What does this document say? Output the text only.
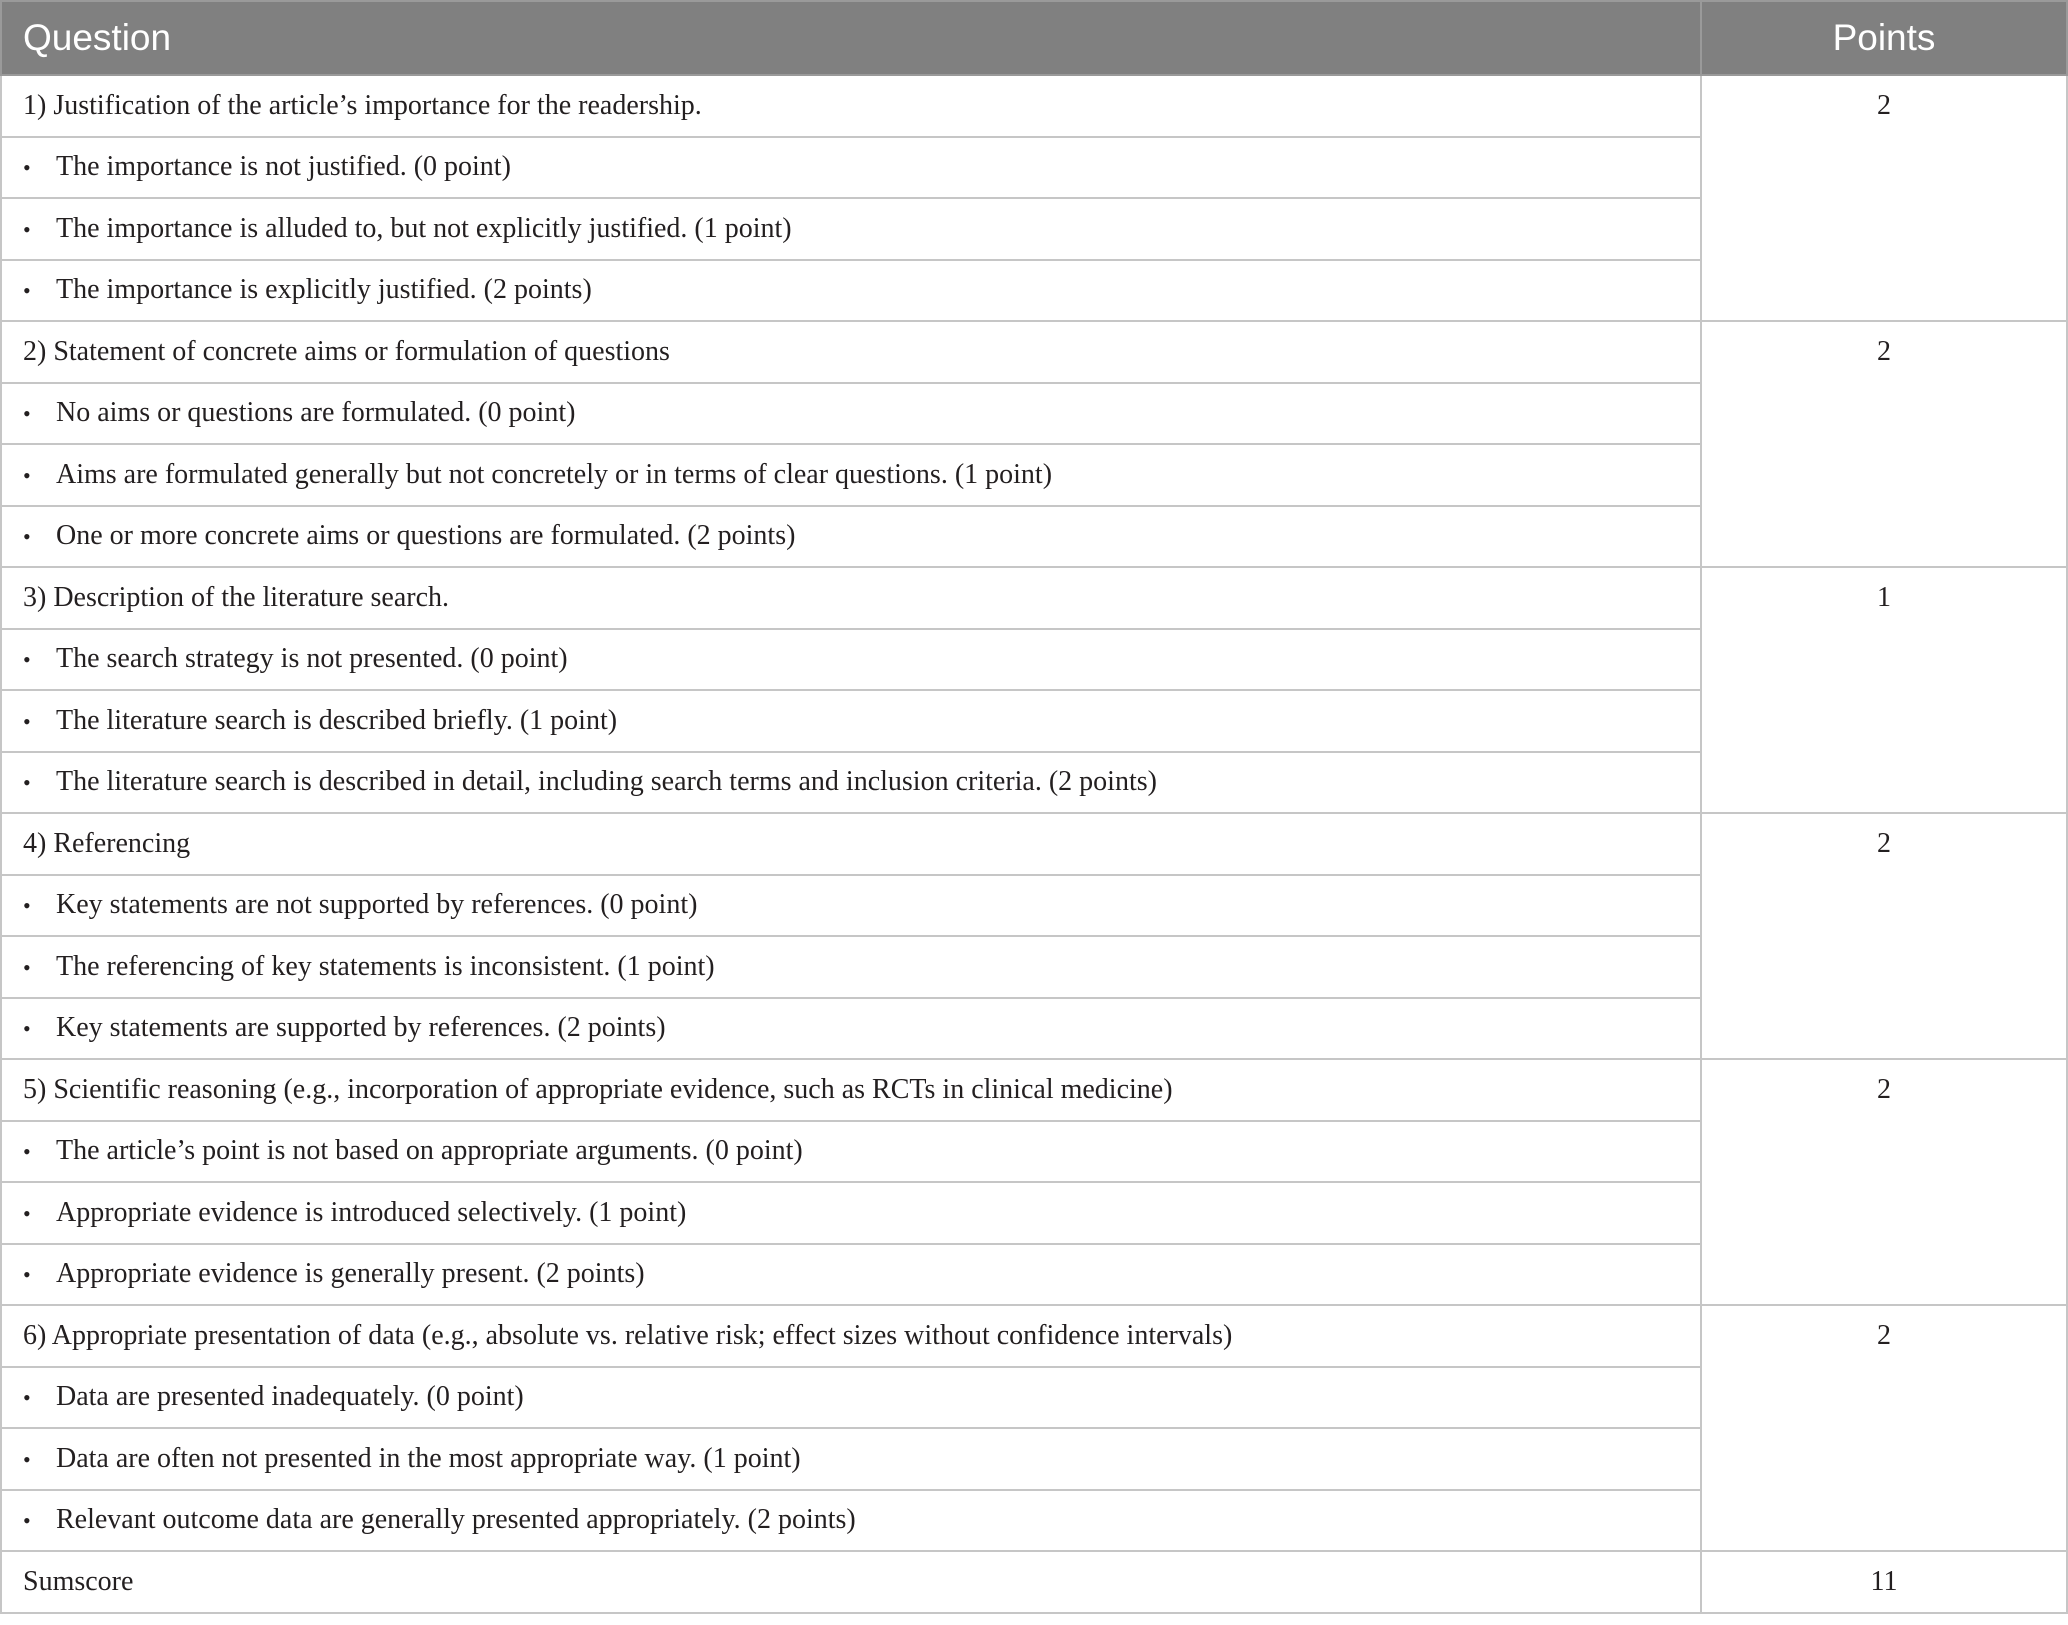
Question	Points
1) Justification of the article’s importance for the readership.	2
• The importance is not justified. (0 point)	
• The importance is alluded to, but not explicitly justified. (1 point)	
• The importance is explicitly justified. (2 points)	
2) Statement of concrete aims or formulation of questions	2
• No aims or questions are formulated. (0 point)	
• Aims are formulated generally but not concretely or in terms of clear questions. (1 point)	
• One or more concrete aims or questions are formulated. (2 points)	
3) Description of the literature search.	1
• The search strategy is not presented. (0 point)	
• The literature search is described briefly. (1 point)	
• The literature search is described in detail, including search terms and inclusion criteria. (2 points)	
4) Referencing	2
• Key statements are not supported by references. (0 point)	
• The referencing of key statements is inconsistent. (1 point)	
• Key statements are supported by references. (2 points)	
5) Scientific reasoning (e.g., incorporation of appropriate evidence, such as RCTs in clinical medicine)	2
• The article’s point is not based on appropriate arguments. (0 point)	
• Appropriate evidence is introduced selectively. (1 point)	
• Appropriate evidence is generally present. (2 points)	
6) Appropriate presentation of data (e.g., absolute vs. relative risk; effect sizes without confidence intervals)	2
• Data are presented inadequately. (0 point)	
• Data are often not presented in the most appropriate way. (1 point)	
• Relevant outcome data are generally presented appropriately. (2 points)	
Sumscore	11
